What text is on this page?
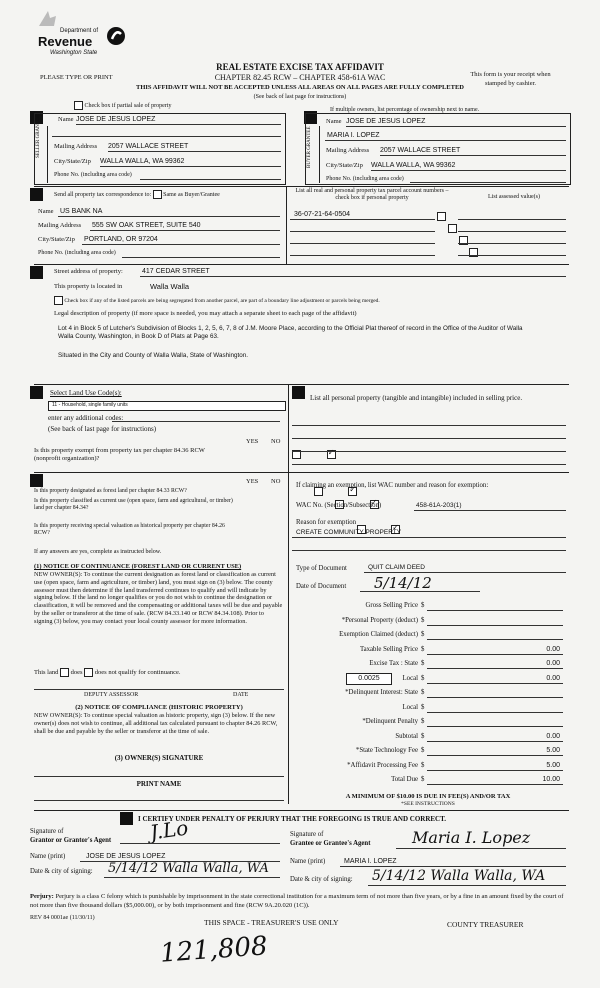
Department of
Revenue
Washington State
PLEASE TYPE OR PRINT
REAL ESTATE EXCISE TAX AFFIDAVIT
CHAPTER 82.45 RCW – CHAPTER 458-61A WAC
THIS AFFIDAVIT WILL NOT BE ACCEPTED UNLESS ALL AREAS ON ALL PAGES ARE FULLY COMPLETED
(See back of last page for instructions)
This form is your receipt when stamped by cashier.
Check box if partial sale of property
If multiple owners, list percentage of ownership next to name.
SELLER GRANTOR	Name JOSE DE JESUS LOPEZ
Mailing Address 2057 WALLACE STREET
City/State/Zip WALLA WALLA, WA 99362
Phone No. (including area code)
BUYER GRANTEE
Name JOSE DE JESUS LOPEZ
MARIA I. LOPEZ
Mailing Address 2057 WALLACE STREET
City/State/Zip WALLA WALLA, WA 99362
Phone No. (including area code)
Send all property tax correspondence to: Same as Buyer/Grantee
Name US BANK NA
Mailing Address 555 SW OAK STREET, SUITE 540
City/State/Zip PORTLAND, OR 97204
Phone No. (including area code)
List all real and personal property tax parcel account numbers – check box if personal property	List assessed value(s)
36-07-21-64-0504

Street address of property:	417 CEDAR STREET
This property is located in	Walla Walla
Check box if any of the listed parcels are being segregated from another parcel, are part of a boundary line adjustment or parcels being merged.
Legal description of property (if more space is needed, you may attach a separate sheet to each page of the affidavit)
Lot 4 in Block 5 of Lutcher's Subdivision of Blocks 1, 2, 5, 6, 7, 8 of J.M. Moore Place, according to the Official Plat thereof of record in the Office of the Auditor of Walla Walla County, Washington, in Book D of Plats at Page 63.
Situated in the City and County of Walla Walla, State of Washington.
Select Land Use Code(s):
11 - Household, single family units
enter any additional codes:
(See back of last page for instructions)
YES NO
Is this property exempt from property tax per chapter 84.36 RCW (nonprofit organization)?
✓
YES NO
Is this property designated as forest land per chapter 84.33 RCW?
✓
Is this property classified as current use (open space, farm and agricultural, or timber) land per chapter 84.34?
✓
Is this property receiving special valuation as historical property per chapter 84.26 RCW?
✓
If any answers are yes, complete as instructed below.
(1) NOTICE OF CONTINUANCE (FOREST LAND OR CURRENT USE)
NEW OWNER(S): To continue the current designation as forest land or classification as current use (open space, farm and agriculture, or timber) land, you must sign on (3) below. The county assessor must then determine if the land transferred continues to qualify and will indicate by signing below. If the land no longer qualifies or you do not wish to continue the designation or classification, it will be removed and the compensating or additional taxes will be due and payable by the seller or transferor at the time of sale. (RCW 84.33.140 or RCW 84.34.108). Prior to signing (3) below, you may contact your local county assessor for more information.
This land does does not qualify for continuance.
DEPUTY ASSESSOR	DATE
(2) NOTICE OF COMPLIANCE (HISTORIC PROPERTY)
NEW OWNER(S): To continue special valuation as historic property, sign (3) below. If the new owner(s) does not wish to continue, all additional tax calculated pursuant to chapter 84.26 RCW, shall be due and payable by the seller or transferor at the time of sale.
(3) OWNER(S) SIGNATURE
PRINT NAME
List all personal property (tangible and intangible) included in selling price.
If claiming an exemption, list WAC number and reason for exemption:
WAC No. (Section/Subsection)	458-61A-203(1)
Reason for exemption
CREATE COMMUNITY PROPERTY
Type of Document	QUIT CLAIM DEED
Date of Document 5/14/12
Gross Selling Price $
*Personal Property (deduct) $
Exemption Claimed (deduct) $
Taxable Selling Price $	0.00
Excise Tax : State $	0.00
Local $	0.00
*Delinquent Interest: State $
Local $
*Delinquent Penalty $
Subtotal $	0.00
*State Technology Fee $	5.00
*Affidavit Processing Fee $	5.00
Total Due $	10.00
0.0025
A MINIMUM OF $10.00 IS DUE IN FEE(S) AND/OR TAX
*SEE INSTRUCTIONS
I CERTIFY UNDER PENALTY OF PERJURY THAT THE FOREGOING IS TRUE AND CORRECT.
Signature of
Grantor or Grantor's Agent J.Lo
Name (print)	JOSE DE JESUS LOPEZ
Date & city of signing: 5/14/12 Walla Walla, WA
Signature of
Grantee or Grantee's Agent	Maria I. Lopez
Name (print)	MARIA I. LOPEZ
Date & city of signing: 5/14/12 Walla Walla, WA
Perjury: Perjury is a class C felony which is punishable by imprisonment in the state correctional institution for a maximum term of not more than five years, or by a fine in an amount fixed by the court of not more than five thousand dollars ($5,000.00), or by both imprisonment and fine (RCW 9A.20.020 (1C)).
REV 84 0001ae (11/30/11)	THIS SPACE - TREASURER'S USE ONLY	COUNTY TREASURER
121,808
